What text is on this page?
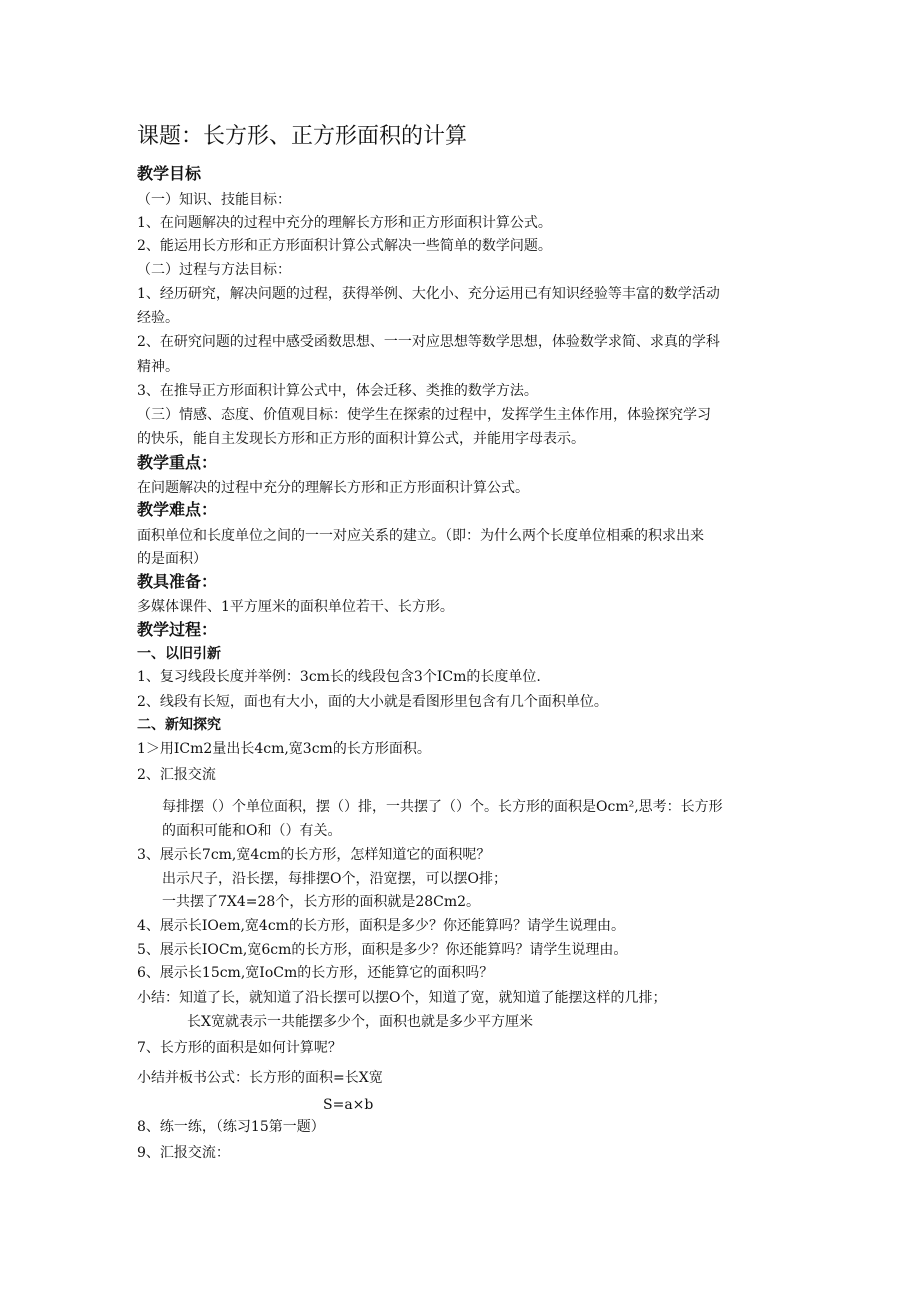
课题：长方形、正方形面积的计算
教学目标
（一）知识、技能目标：
1、在问题解决的过程中充分的理解长方形和正方形面积计算公式。
2、能运用长方形和正方形面积计算公式解决一些简单的数学问题。
（二）过程与方法目标：
1、经历研究，解决问题的过程，获得举例、大化小、充分运用已有知识经验等丰富的数学活动
经验。
2、在研究问题的过程中感受函数思想、一一对应思想等数学思想，体验数学求简、求真的学科
精神。
3、在推导正方形面积计算公式中，体会迁移、类推的数学方法。
（三）情感、态度、价值观目标：使学生在探索的过程中，发挥学生主体作用，体验探究学习
的快乐，能自主发现长方形和正方形的面积计算公式，并能用字母表示。
教学重点：
在问题解决的过程中充分的理解长方形和正方形面积计算公式。
教学难点：
面积单位和长度单位之间的一一对应关系的建立。（即：为什么两个长度单位相乘的积求出来
的是面积）
教具准备：
多媒体课件、1平方厘米的面积单位若干、长方形。
教学过程：
一、以旧引新
1、复习线段长度并举例：3cm长的线段包含3个ICm的长度单位.
2、线段有长短，面也有大小，面的大小就是看图形里包含有几个面积单位。
二、新知探究
1＞用ICm2量出长4cm,宽3cm的长方形面积。
2、汇报交流
每排摆（）个单位面积，摆（）排，一共摆了（）个。长方形的面积是Ocm²,思考：长方形
的面积可能和O和（）有关。
3、展示长7cm,宽4cm的长方形，怎样知道它的面积呢？
出示尺子，沿长摆，每排摆O个，沿宽摆，可以摆O排；
一共摆了7X4=28个，长方形的面积就是28Cm2。
4、展示长IOem,宽4cm的长方形，面积是多少？你还能算吗？请学生说理由。
5、展示长IOCm,宽6cm的长方形，面积是多少？你还能算吗？请学生说理由。
6、展示长15cm,宽IoCm的长方形，还能算它的面积吗？
小结：知道了长，就知道了沿长摆可以摆O个，知道了宽，就知道了能摆这样的几排；
长X宽就表示一共能摆多少个，面积也就是多少平方厘米
7、长方形的面积是如何计算呢？
小结并板书公式：长方形的面积=长X宽
S=a×b
8、练一练，（练习15第一题）
9、汇报交流：
